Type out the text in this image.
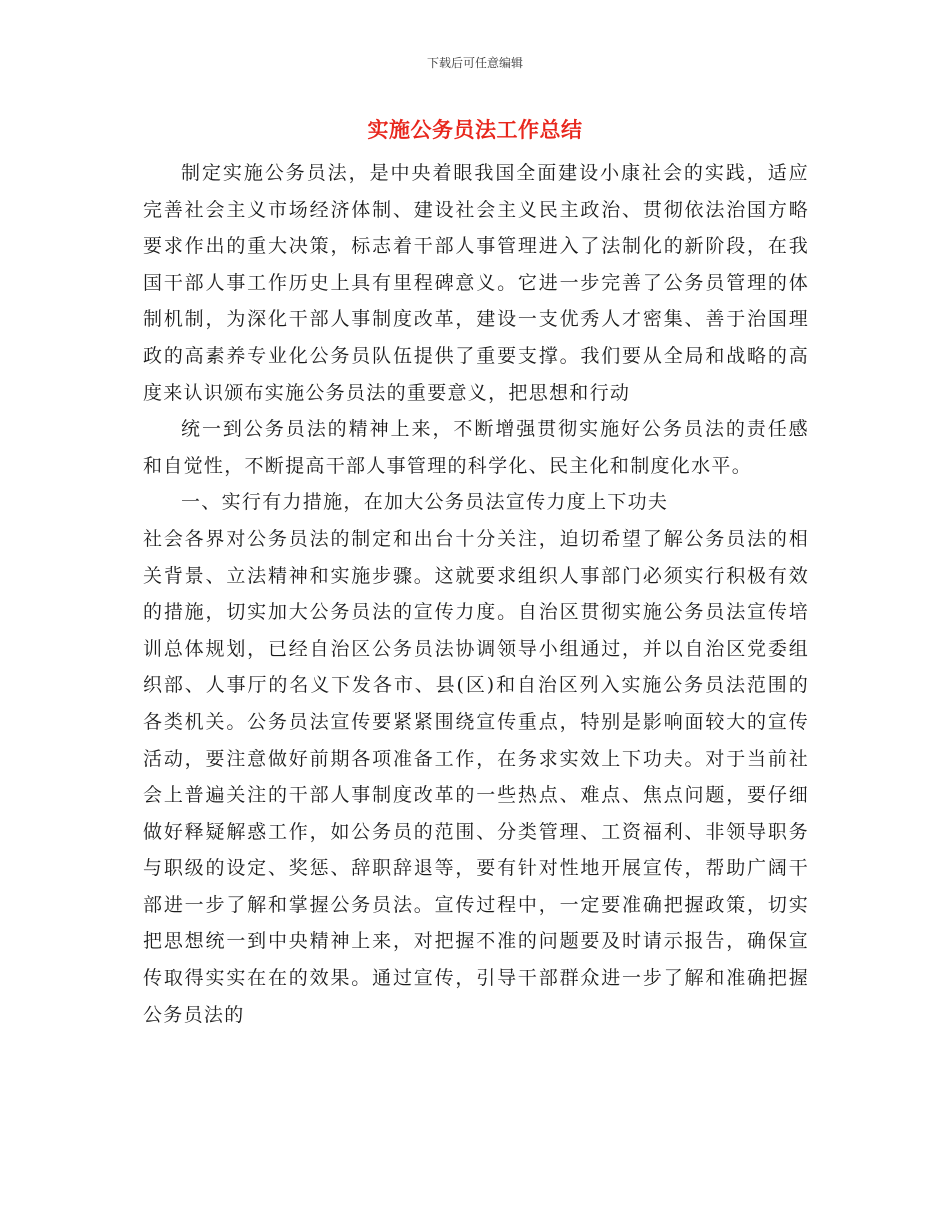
下载后可任意编辑
实施公务员法工作总结

制定实施公务员法，是中央着眼我国全面建设小康社会的实践，适应完善社会主义市场经济体制、建设社会主义民主政治、贯彻依法治国方略要求作出的重大决策，标志着干部人事管理进入了法制化的新阶段，在我国干部人事工作历史上具有里程碑意义。它进一步完善了公务员管理的体制机制，为深化干部人事制度改革，建设一支优秀人才密集、善于治国理政的高素养专业化公务员队伍提供了重要支撑。我们要从全局和战略的高度来认识颁布实施公务员法的重要意义，把思想和行动

统一到公务员法的精神上来，不断增强贯彻实施好公务员法的责任感和自觉性，不断提高干部人事管理的科学化、民主化和制度化水平。

一、实行有力措施，在加大公务员法宣传力度上下功夫

社会各界对公务员法的制定和出台十分关注，迫切希望了解公务员法的相关背景、立法精神和实施步骤。这就要求组织人事部门必须实行积极有效的措施，切实加大公务员法的宣传力度。自治区贯彻实施公务员法宣传培训总体规划，已经自治区公务员法协调领导小组通过，并以自治区党委组织部、人事厅的名义下发各市、县(区)和自治区列入实施公务员法范围的各类机关。公务员法宣传要紧紧围绕宣传重点，特别是影响面较大的宣传活动，要注意做好前期各项准备工作，在务求实效上下功夫。对于当前社会上普遍关注的干部人事制度改革的一些热点、难点、焦点问题，要仔细做好释疑解惑工作，如公务员的范围、分类管理、工资福利、非领导职务与职级的设定、奖惩、辞职辞退等，要有针对性地开展宣传，帮助广阔干部进一步了解和掌握公务员法。宣传过程中，一定要准确把握政策，切实把思想统一到中央精神上来，对把握不准的问题要及时请示报告，确保宣传取得实实在在的效果。通过宣传，引导干部群众进一步了解和准确把握公务员法的
